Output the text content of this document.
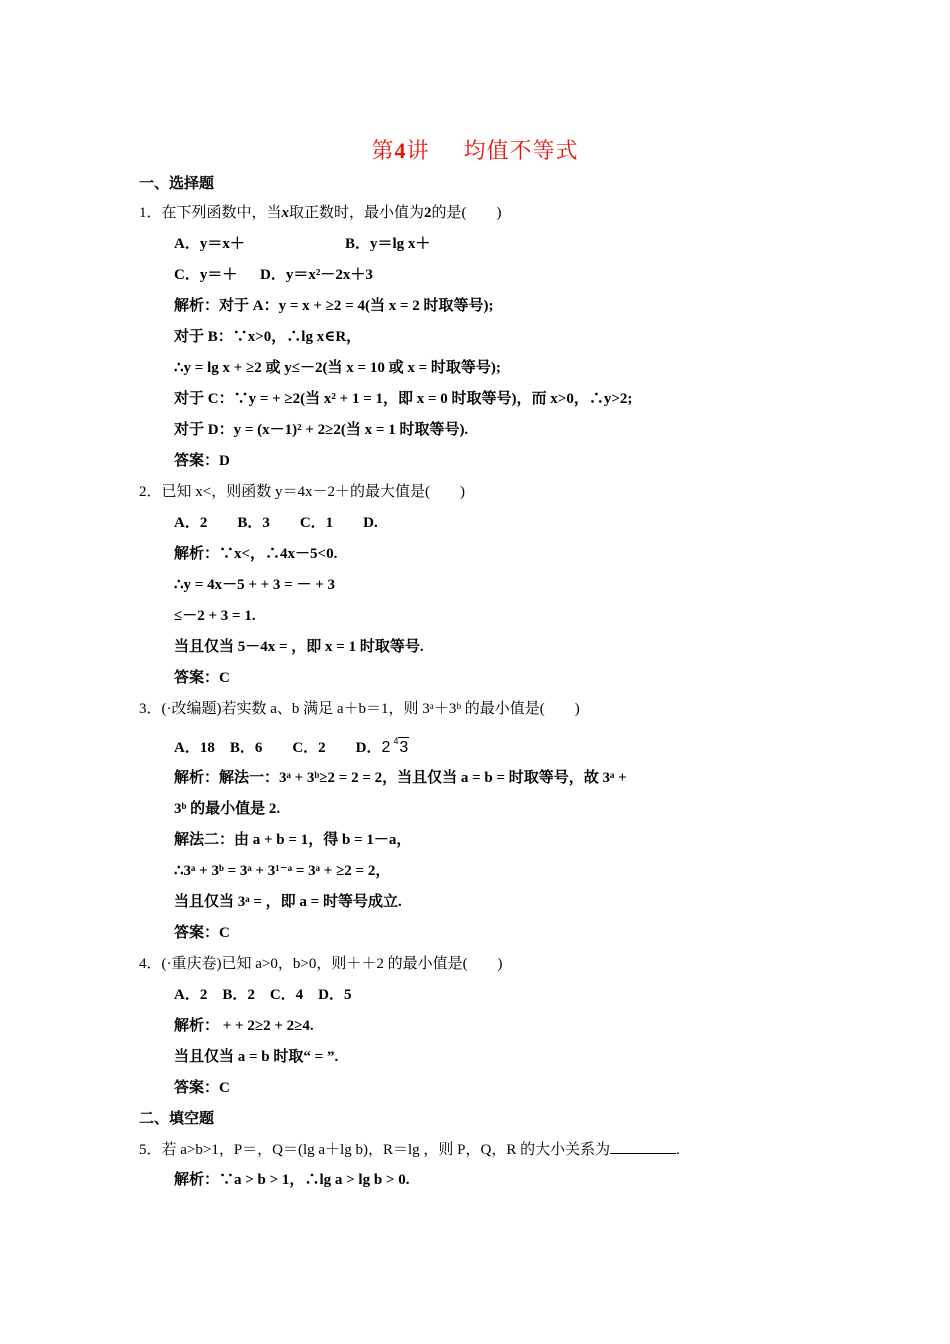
第4讲 均值不等式
一、选择题
1．在下列函数中，当x取正数时，最小值为2的是(　　)
A．y＝x＋	B．y＝lg x＋
C．y＝＋ D．y＝x²－2x＋3
解析：对于 A：y = x + ≥2 = 4(当 x = 2 时取等号);
对于 B：∵x>0，∴lg x∈R，
∴y = lg x + ≥2 或 y≤－2(当 x = 10 或 x = 时取等号);
对于 C：∵y = + ≥2(当 x² + 1 = 1，即 x = 0 时取等号)，而 x>0，∴y>2;
对于 D：y = (x－1)² + 2≥2(当 x = 1 时取等号).
答案：D
2．已知 x<，则函数 y＝4x－2＋的最大值是(　　)
A．2　　B．3　　C．1　　D.
解析：∵x<，∴4x－5<0.
∴y = 4x－5 + + 3 = － + 3
≤－2 + 3 = 1.
当且仅当 5－4x = ，即 x = 1 时取等号.
答案：C
3．(·改编题)若实数 a、b 满足 a＋b＝1，则 3ᵃ＋3ᵇ 的最小值是(　　)
A．18　B．6　　C．2　　D．2 4 3
解析：解法一：3ᵃ + 3ᵇ≥2 = 2 = 2，当且仅当 a = b = 时取等号，故 3ᵃ +
3ᵇ 的最小值是 2.
解法二：由 a + b = 1，得 b = 1－a，
∴3ᵃ + 3ᵇ = 3ᵃ + 3¹⁻ᵃ = 3ᵃ + ≥2 = 2，
当且仅当 3ᵃ = ，即 a = 时等号成立.
答案：C
4．(·重庆卷)已知 a>0，b>0，则＋＋2 的最小值是(　　)
A．2　B．2　C．4　D．5
解析： + + 2≥2 + 2≥4.
当且仅当 a = b 时取“ = ”.
答案：C
二、填空题
5．若 a>b>1，P＝，Q＝(lg a＋lg b)，R＝lg ，则 P，Q，R 的大小关系为	.
解析：∵a > b > 1，∴lg a > lg b > 0.
